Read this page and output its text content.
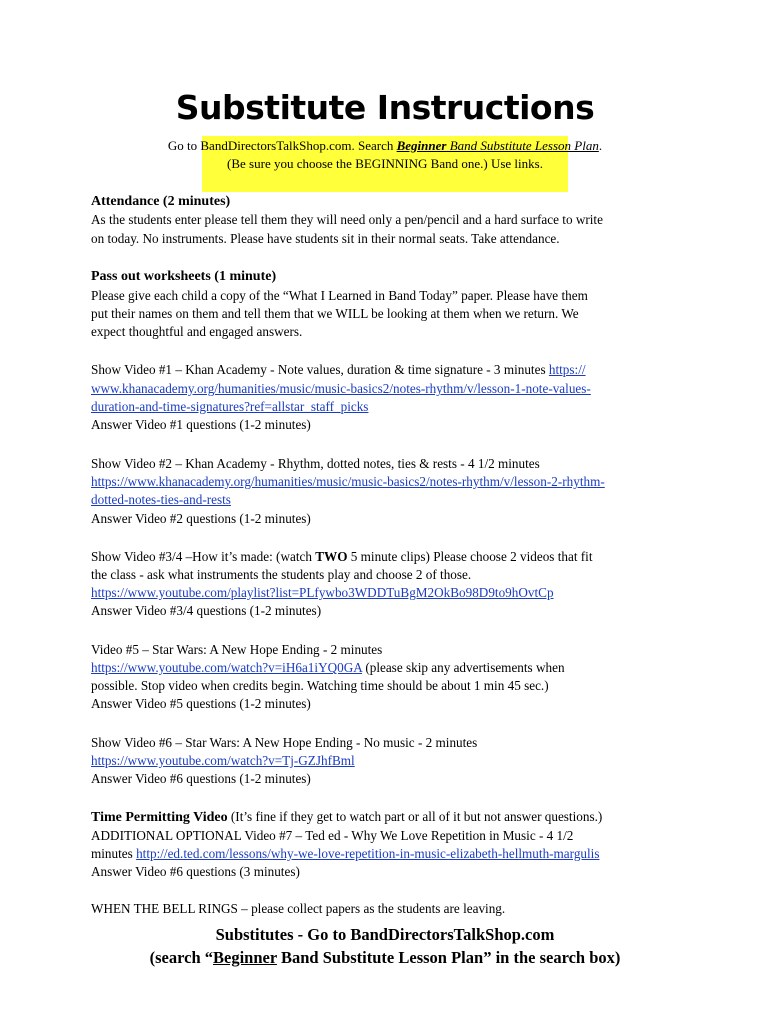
Substitute Instructions
Go to BandDirectorsTalkShop.com. Search Beginner Band Substitute Lesson Plan.
(Be sure you choose the BEGINNING Band one.) Use links.
Attendance (2 minutes)
As the students enter please tell them they will need only a pen/pencil and a hard surface to write
on today. No instruments. Please have students sit in their normal seats. Take attendance.
Pass out worksheets (1 minute)
Please give each child a copy of the “What I Learned in Band Today” paper. Please have them
put their names on them and tell them that we WILL be looking at them when we return. We
expect thoughtful and engaged answers.
Show Video #1 – Khan Academy - Note values, duration & time signature - 3 minutes https://
www.khanacademy.org/humanities/music/music-basics2/notes-rhythm/v/lesson-1-note-values-
duration-and-time-signatures?ref=allstar_staff_picks
Answer Video #1 questions (1-2 minutes)
Show Video #2 – Khan Academy - Rhythm, dotted notes, ties & rests - 4 1/2 minutes
https://www.khanacademy.org/humanities/music/music-basics2/notes-rhythm/v/lesson-2-rhythm-
dotted-notes-ties-and-rests
Answer Video #2 questions (1-2 minutes)
Show Video #3/4 –How it’s made: (watch TWO 5 minute clips) Please choose 2 videos that fit
the class - ask what instruments the students play and choose 2 of those.
https://www.youtube.com/playlist?list=PLfywbo3WDDTuBgM2OkBo98D9to9hOvtCp
Answer Video #3/4 questions (1-2 minutes)
Video #5 – Star Wars: A New Hope Ending - 2 minutes
https://www.youtube.com/watch?v=iH6a1iYQ0GA (please skip any advertisements when
possible. Stop video when credits begin. Watching time should be about 1 min 45 sec.)
Answer Video #5 questions (1-2 minutes)
Show Video #6 – Star Wars: A New Hope Ending - No music - 2 minutes
https://www.youtube.com/watch?v=Tj-GZJhfBml
Answer Video #6 questions (1-2 minutes)
Time Permitting Video (It’s fine if they get to watch part or all of it but not answer questions.)
ADDITIONAL OPTIONAL Video #7 – Ted ed - Why We Love Repetition in Music - 4 1/2
minutes http://ed.ted.com/lessons/why-we-love-repetition-in-music-elizabeth-hellmuth-margulis
Answer Video #6 questions (3 minutes)
WHEN THE BELL RINGS – please collect papers as the students are leaving.
Substitutes - Go to BandDirectorsTalkShop.com
(search “Beginner Band Substitute Lesson Plan” in the search box)
